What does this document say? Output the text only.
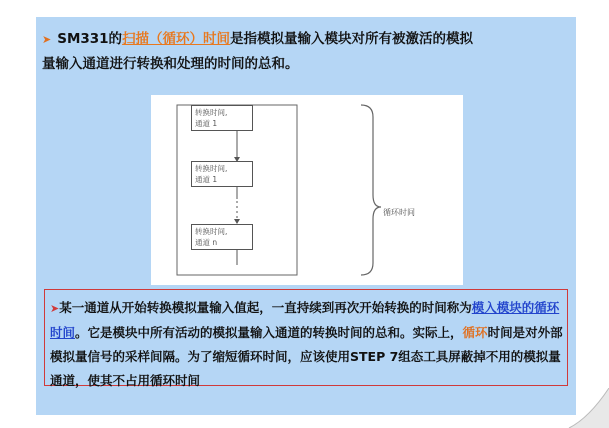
➤ SM331的扫描（循环）时间是指模拟量输入模块对所有被激活的模拟
量输入通道进行转换和处理的时间的总和。
转换时间,
通道 1
转换时间,
通道 1
转换时间,
通道 n
循环时间
➤某一通道从开始转换模拟量输入值起，一直持续到再次开始转换的时间称为模入模块的循环时间。它是模块中所有活动的模拟量输入通道的转换时间的总和。实际上，循环时间是对外部模拟量信号的采样间隔。为了缩短循环时间，应该使用STEP 7组态工具屏蔽掉不用的模拟量通道，使其不占用循环时间
